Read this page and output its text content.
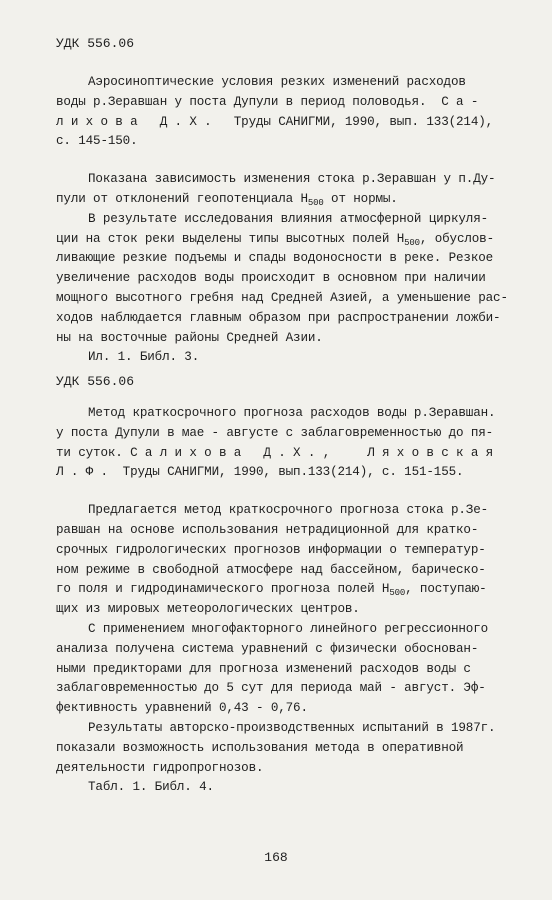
УДК 556.06
Аэросиноптические условия резких изменений расходов
воды р.Зеравшан у поста Дупули в период половодья.  С а -
л и х о в а   Д . Х .   Труды САНИГМИ, 1990, вып. 133(214),
с. 145-150.
Показана зависимость изменения стока р.Зеравшан у п.Ду-
пули от отклонений геопотенциала $Н_{500}$ от нормы.
В результате исследования влияния атмосферной циркуля-
ции на сток реки выделены типы высотных полей $Н_{500}$, обуслов-
ливающие резкие подъемы и спады водоносности в реке. Резкое
увеличение расходов воды происходит в основном при наличии
мощного высотного гребня над Средней Азией, а уменьшение рас-
ходов наблюдается главным образом при распространении ложби-
ны на восточные районы Средней Азии.
Ил. 1. Библ. 3.
УДК 556.06
Метод краткосрочного прогноза расходов воды р.Зеравшан.
у поста Дупули в мае - августе с заблаговременностью до пя-
ти суток. С а л и х о в а   Д . Х . ,     Л я х о в с к а я
Л . Ф .  Труды САНИГМИ, 1990, вып.133(214), с. 151-155.
Предлагается метод краткосрочного прогноза стока р.Зе-
равшан на основе использования нетрадиционной для кратко-
срочных гидрологических прогнозов информации о температур-
ном режиме в свободной атмосфере над бассейном, барическо-
го поля и гидродинамического прогноза полей $Н_{500}$, поступаю-
щих из мировых метеорологических центров.
С применением многофакторного линейного регрессионного
анализа получена система уравнений с физически обоснован-
ными предикторами для прогноза изменений расходов воды с
заблаговременностью до 5 сут для периода май - август. Эф-
фективность уравнений 0,43 - 0,76.
Результаты авторско-производственных испытаний в 1987г.
показали возможность использования метода в оперативной
деятельности гидропрогнозов.
Табл. 1. Библ. 4.
168
